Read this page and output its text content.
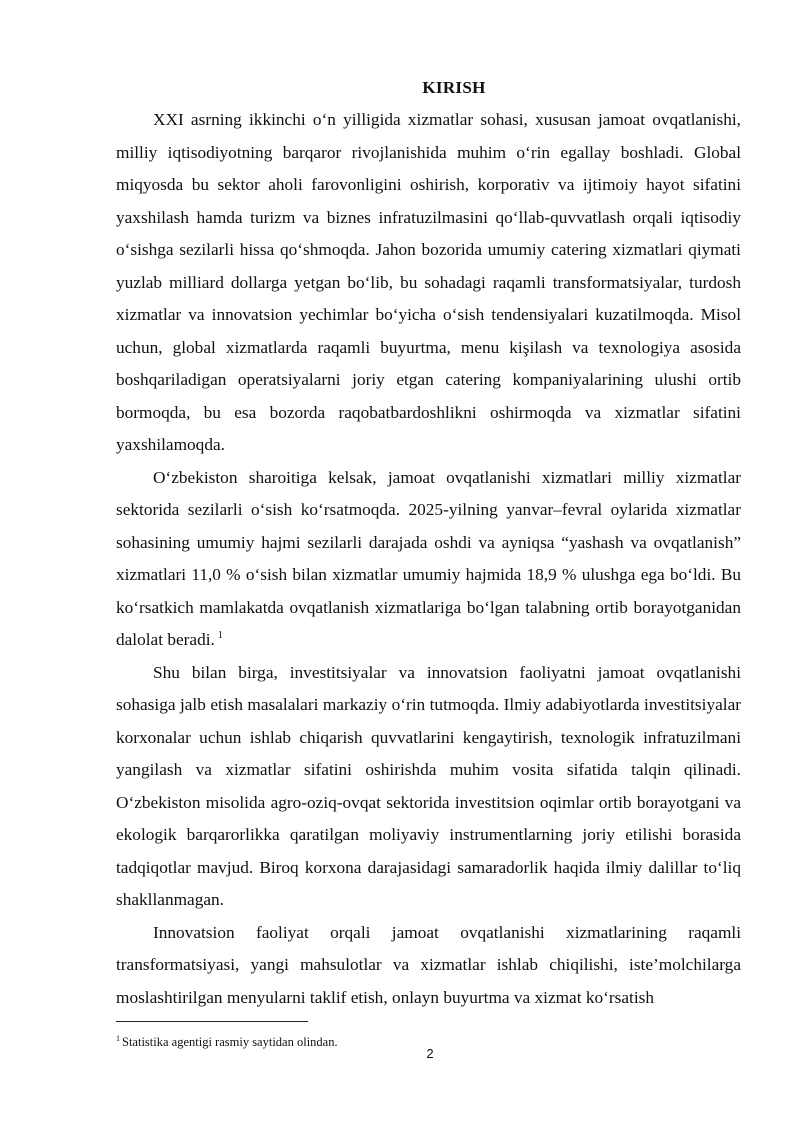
KIRISH

XXI asrning ikkinchi o‘n yilligida xizmatlar sohasi, xususan jamoat ovqatlanishi, milliy iqtisodiyotning barqaror rivojlanishida muhim o‘rin egallay boshladi. Global miqyosda bu sektor aholi farovonligini oshirish, korporativ va ijtimoiy hayot sifatini yaxshilash hamda turizm va biznes infratuzilmasini qo‘llab-quvvatlash orqali iqtisodiy o‘sishga sezilarli hissa qo‘shmoqda. Jahon bozorida umumiy catering xizmatlari qiymati yuzlab milliard dollarga yetgan bo‘lib, bu sohadagi raqamli transformatsiyalar, turdosh xizmatlar va innovatsion yechimlar bo‘yicha o‘sish tendensiyalari kuzatilmoqda. Misol uchun, global xizmatlarda raqamli buyurtma, menu kişilash va texnologiya asosida boshqariladigan operatsiyalarni joriy etgan catering kompaniyalarining ulushi ortib bormoqda, bu esa bozorda raqobatbardoshlikni oshirmoqda va xizmatlar sifatini yaxshilamoqda.

O‘zbekiston sharoitiga kelsak, jamoat ovqatlanishi xizmatlari milliy xizmatlar sektorida sezilarli o‘sish ko‘rsatmoqda. 2025-yilning yanvar–fevral oylarida xizmatlar sohasining umumiy hajmi sezilarli darajada oshdi va ayniqsa “yashash va ovqatlanish” xizmatlari 11,0 % o‘sish bilan xizmatlar umumiy hajmida 18,9 % ulushga ega bo‘ldi. Bu ko‘rsatkich mamlakatda ovqatlanish xizmatlariga bo‘lgan talabning ortib borayotganidan dalolat beradi. $^1$

Shu bilan birga, investitsiyalar va innovatsion faoliyatni jamoat ovqatlanishi sohasiga jalb etish masalalari markaziy o‘rin tutmoqda. Ilmiy adabiyotlarda investitsiyalar korxonalar uchun ishlab chiqarish quvvatlarini kengaytirish, texnologik infratuzilmani yangilash va xizmatlar sifatini oshirishda muhim vosita sifatida talqin qilinadi. O‘zbekiston misolida agro-oziq-ovqat sektorida investitsion oqimlar ortib borayotgani va ekologik barqarorlikka qaratilgan moliyaviy instrumentlarning joriy etilishi borasida tadqiqotlar mavjud. Biroq korxona darajasidagi samaradorlik haqida ilmiy dalillar to‘liq shakllanmagan.

Innovatsion faoliyat orqali jamoat ovqatlanishi xizmatlarining raqamli transformatsiyasi, yangi mahsulotlar va xizmatlar ishlab chiqilishi, iste’molchilarga moslashtirilgan menyularni taklif etish, onlayn buyurtma va xizmat ko‘rsatish

$^1$ Statistika agentigi rasmiy saytidan olindan.
2
